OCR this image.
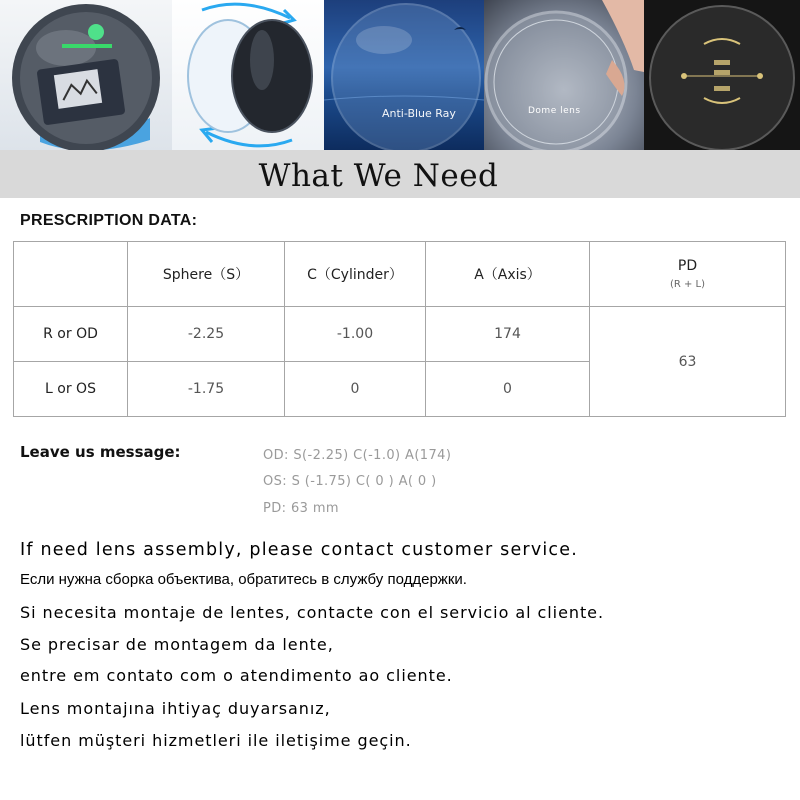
Anti-Blue Ray	Dome lens
What We Need
PRESCRIPTION DATA:
	Sphere（S）	C（Cylinder）	A（Axis）	PD
(R + L)

R or OD	-2.25	-1.00	174	63
L or OS	-1.75	0	0	
Leave us message:	OD: S(-2.25) C(-1.0) A(174)
OS: S (-1.75) C( 0 ) A( 0 )
PD: 63 mm
If need lens assembly, please contact customer service.
Если нужна сборка объектива, обратитесь в службу поддержки.
Si necesita montaje de lentes, contacte con el servicio al cliente.
Se precisar de montagem da lente,
entre em contato com o atendimento ao cliente.
Lens montajına ihtiyaç duyarsanız,
lütfen müşteri hizmetleri ile iletişime geçin.
